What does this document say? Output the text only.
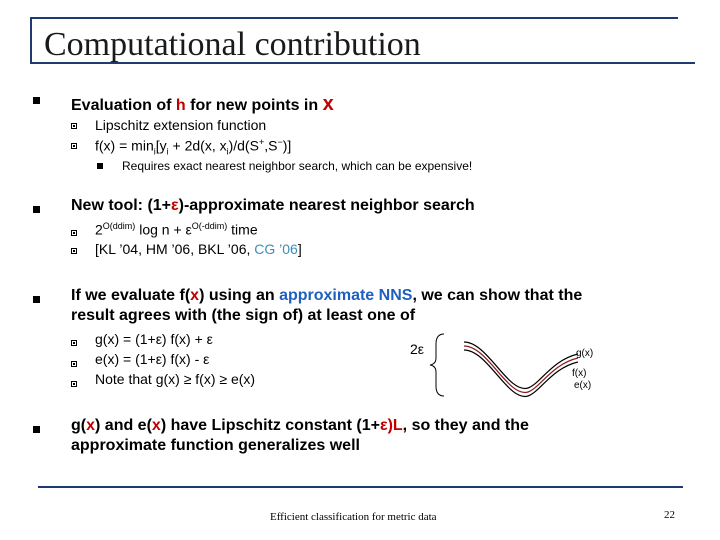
Computational contribution
Evaluation of h for new points in x
Lipschitz extension function
$f(x) = \min_i[y_i + 2d(x$, $x_i)/d(S^+,S^-)$]
Requires exact nearest neighbor search, which can be expensive!
New tool: (1+ε)-approximate nearest neighbor search
$2^{O(ddim)}$ $\log n + \varepsilon^{O(-ddim)}$ time
[KL ’04, HM ’06, BKL ’06, CG ’06]
If we evaluate f(x) using an approximate NNS, we can show that the
result agrees with (the sign of) at least one of
g(x) = (1+ε) f(x) + ε
e(x) = (1+ε) f(x) - ε
Note that g(x) ≥ f(x) ≥ e(x)
2ε	g(x)
f(x)
e(x)
g(x) and e(x) have Lipschitz constant (1+ε)L, so they and the
approximate function generalizes well
Efficient classification for metric data	22
